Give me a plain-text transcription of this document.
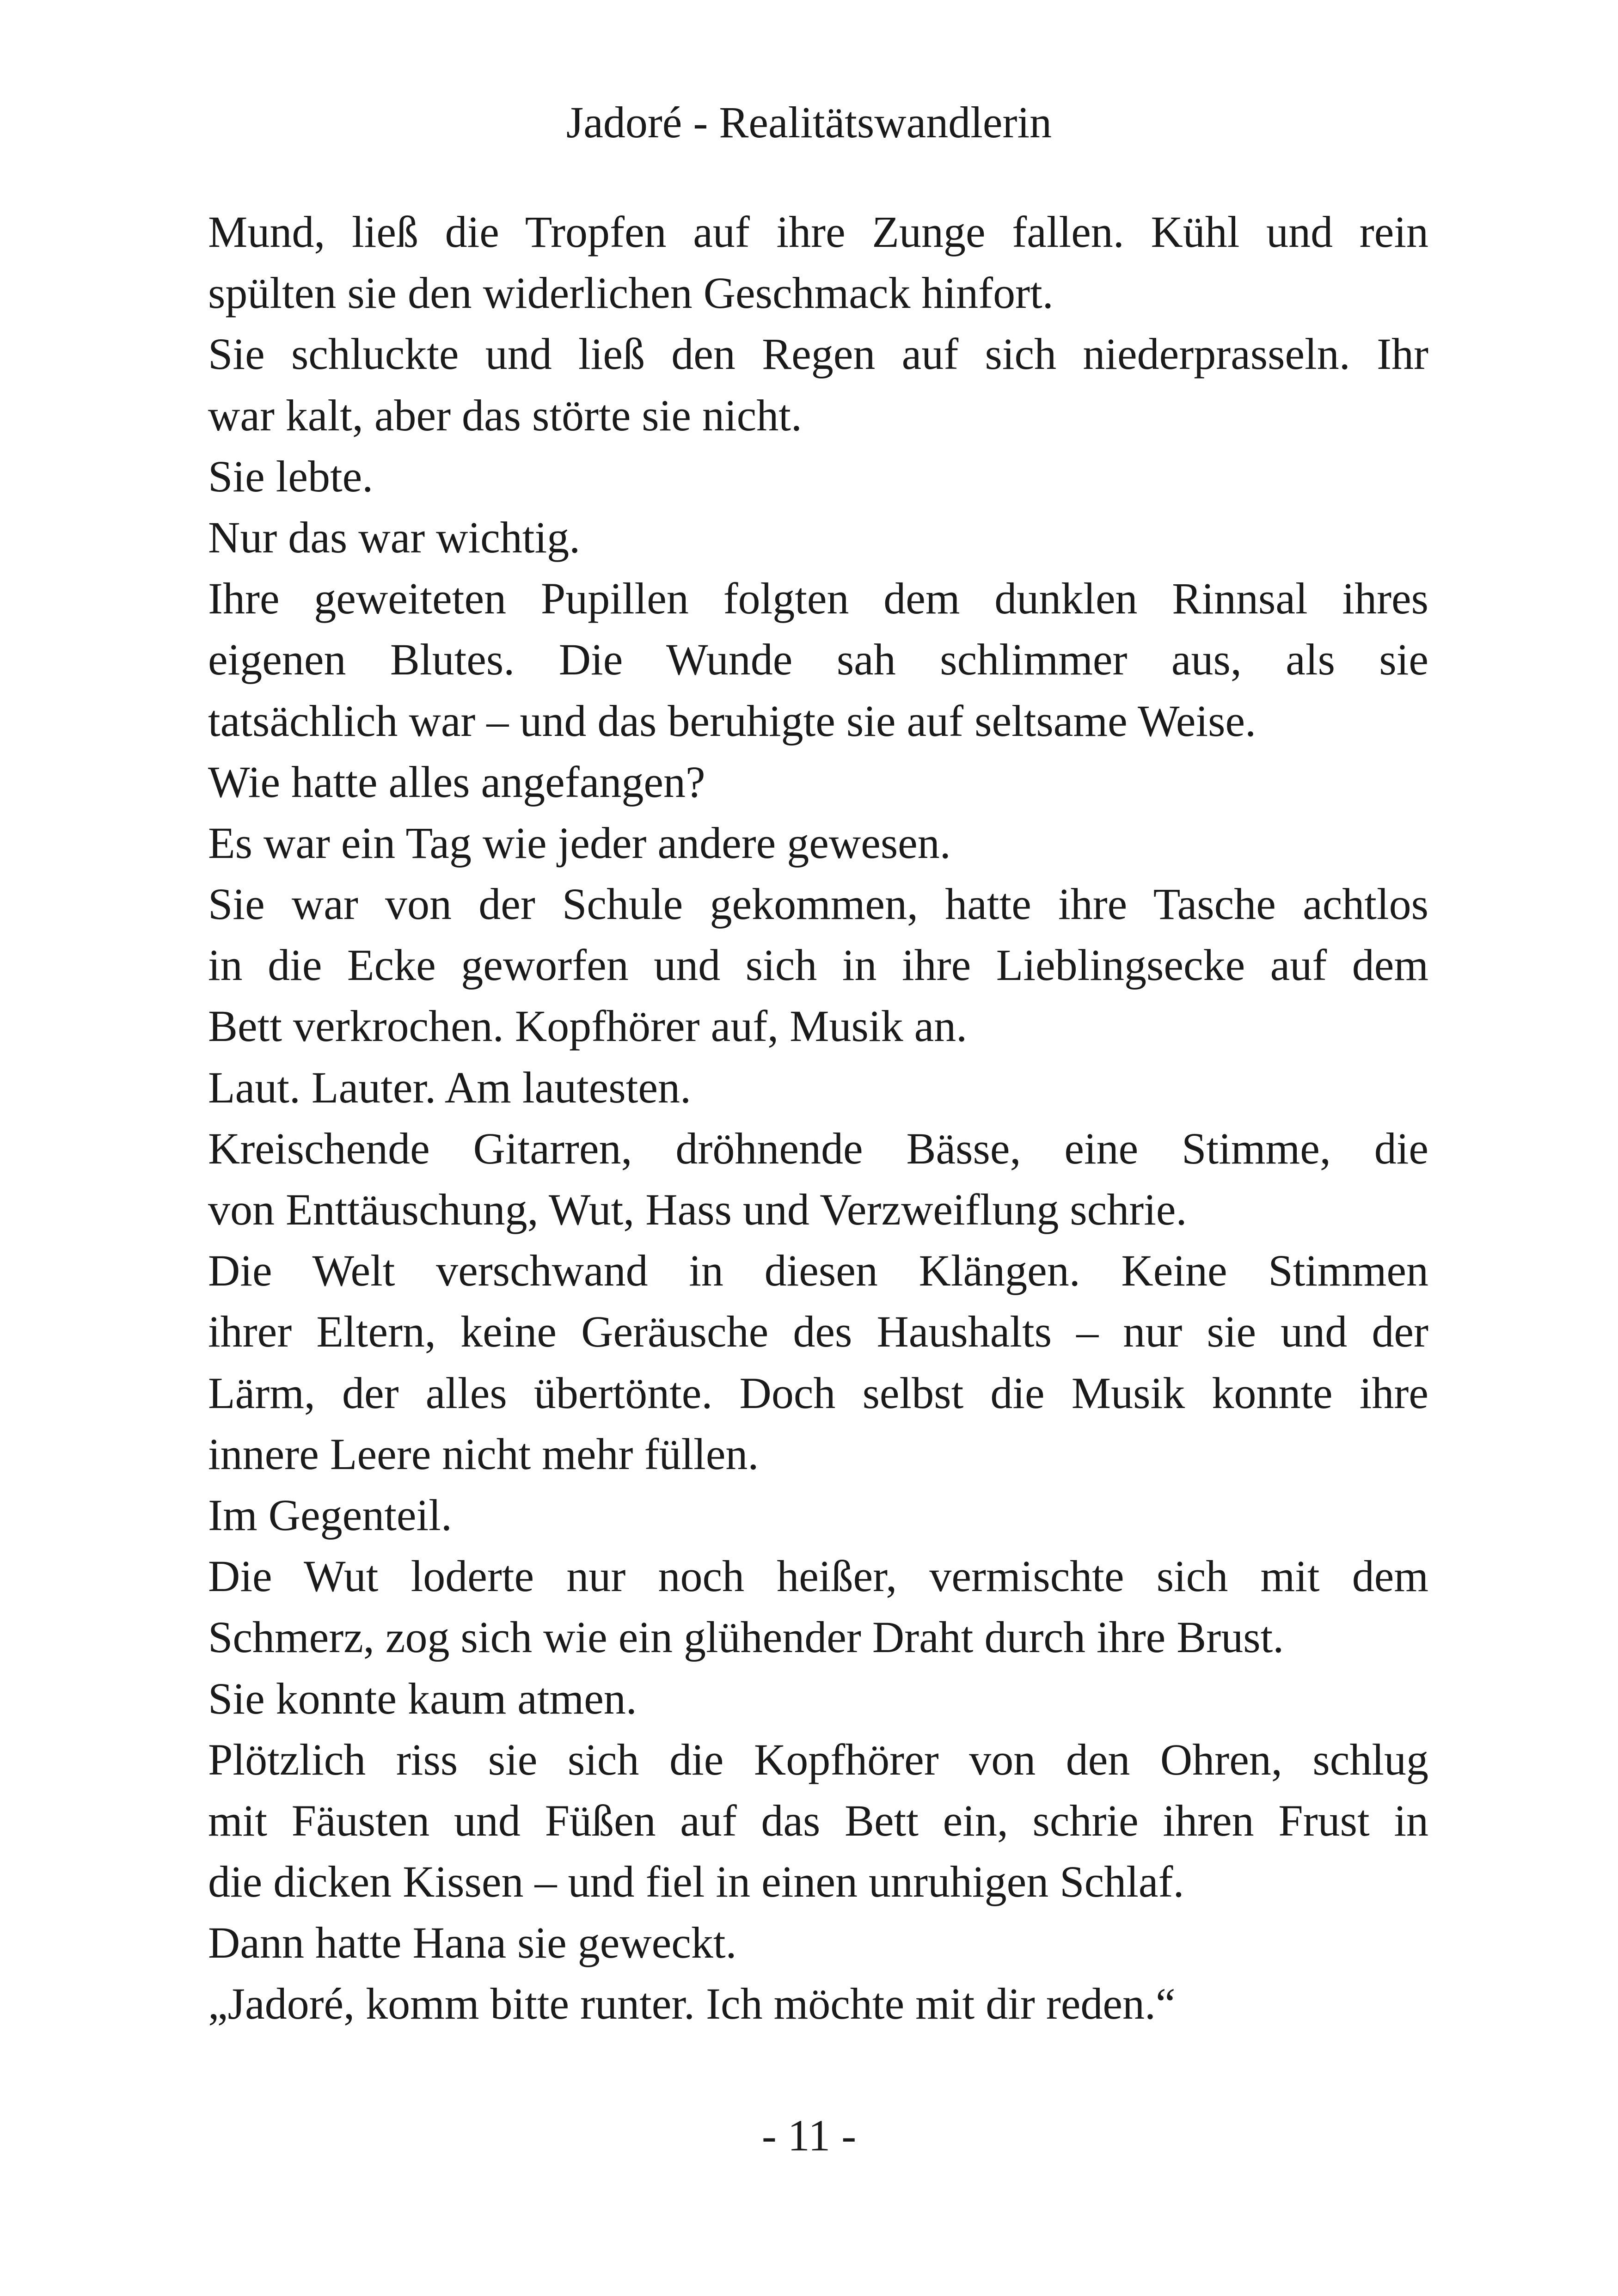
Jadoré - Realitätswandlerin
Mund, ließ die Tropfen auf ihre Zunge fallen. Kühl und rein
spülten sie den widerlichen Geschmack hinfort.
Sie schluckte und ließ den Regen auf sich niederprasseln. Ihr
war kalt, aber das störte sie nicht.
Sie lebte.
Nur das war wichtig.
Ihre geweiteten Pupillen folgten dem dunklen Rinnsal ihres
eigenen Blutes. Die Wunde sah schlimmer aus, als sie
tatsächlich war – und das beruhigte sie auf seltsame Weise.
Wie hatte alles angefangen?
Es war ein Tag wie jeder andere gewesen.
Sie war von der Schule gekommen, hatte ihre Tasche achtlos
in die Ecke geworfen und sich in ihre Lieblingsecke auf dem
Bett verkrochen. Kopfhörer auf, Musik an.
Laut. Lauter. Am lautesten.
Kreischende Gitarren, dröhnende Bässe, eine Stimme, die
von Enttäuschung, Wut, Hass und Verzweiflung schrie.
Die Welt verschwand in diesen Klängen. Keine Stimmen
ihrer Eltern, keine Geräusche des Haushalts – nur sie und der
Lärm, der alles übertönte. Doch selbst die Musik konnte ihre
innere Leere nicht mehr füllen.
Im Gegenteil.
Die Wut loderte nur noch heißer, vermischte sich mit dem
Schmerz, zog sich wie ein glühender Draht durch ihre Brust.
Sie konnte kaum atmen.
Plötzlich riss sie sich die Kopfhörer von den Ohren, schlug
mit Fäusten und Füßen auf das Bett ein, schrie ihren Frust in
die dicken Kissen – und fiel in einen unruhigen Schlaf.
Dann hatte Hana sie geweckt.
„Jadoré, komm bitte runter. Ich möchte mit dir reden.“
- 11 -
